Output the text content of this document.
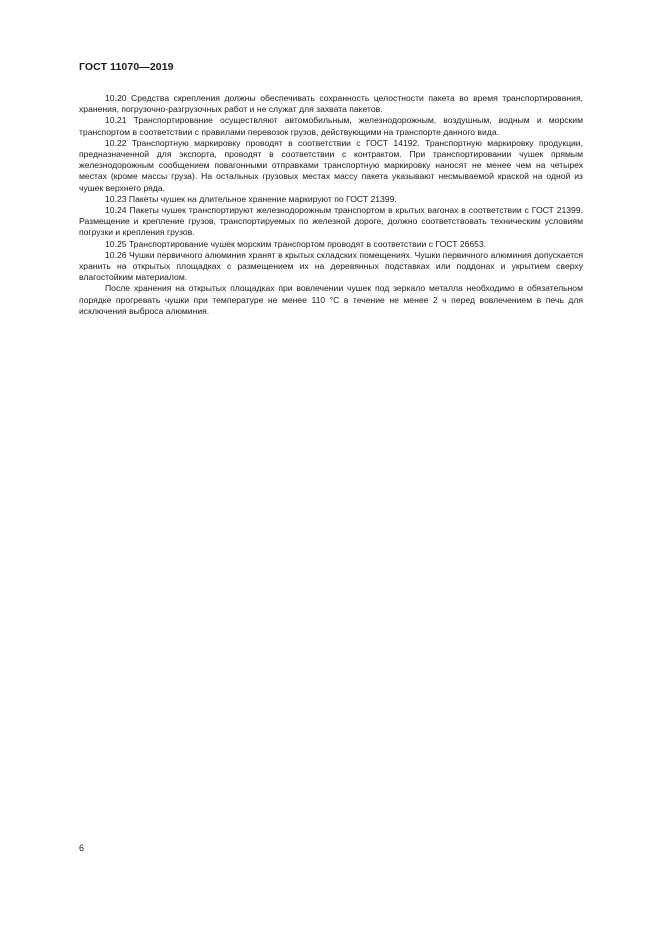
ГОСТ 11070—2019

10.20 Средства скрепления должны обеспечивать сохранность целостности пакета во время транспортирования, хранения, погрузочно-разгрузочных работ и не служат для захвата пакетов.

10.21 Транспортирование осуществляют автомобильным, железнодорожным, воздушным, водным и морским транспортом в соответствии с правилами перевозок грузов, действующими на транспорте данного вида.

10.22 Транспортную маркировку проводят в соответствии с ГОСТ 14192. Транспортную маркировку продукции, предназначенной для экспорта, проводят в соответствии с контрактом. При транспортировании чушек прямым железнодорожным сообщением повагонными отправками транспортную маркировку наносят не менее чем на четырех местах (кроме массы груза). На остальных грузовых местах массу пакета указывают несмываемой краской на одной из чушек верхнего ряда.

10.23 Пакеты чушек на длительное хранение маркируют по ГОСТ 21399.

10.24 Пакеты чушек транспортируют железнодорожным транспортом в крытых вагонах в соответствии с ГОСТ 21399. Размещение и крепление грузов, транспортируемых по железной дороге, должно соответствовать техническим условиям погрузки и крепления грузов.

10.25 Транспортирование чушек морским транспортом проводят в соответствии с ГОСТ 26653.

10.26 Чушки первичного алюминия хранят в крытых складских помещениях. Чушки первичного алюминия допускается хранить на открытых площадках с размещением их на деревянных подставках или поддонах и укрытием сверху влагостойким материалом.

После хранения на открытых площадках при вовлечении чушек под зеркало металла необходимо в обязательном порядке прогревать чушки при температуре не менее 110 °С в течение не менее 2 ч перед вовлечением в печь для исключения выброса алюминия.

6
